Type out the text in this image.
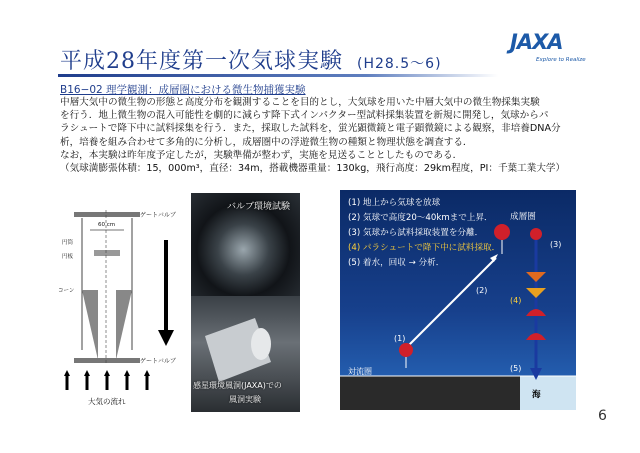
平成28年度第一次気球実験 (H28.5〜6)
JAXA
Explore to Realize
B16−02 理学観測：成層圏における微生物捕獲実験
中層大気中の微生物の形態と高度分布を観測することを目的とし，大気球を用いた中層大気中の微生物採集実験
を行う．地上微生物の混入可能性を劇的に減らす降下式インパクター型試料採集装置を新規に開発し，気球からパ
ラシュートで降下中に試料採集を行う．また，採取した試料を，蛍光顕微鏡と電子顕微鏡による観察，非培養DNA分
析，培養を組み合わせて多角的に分析し，成層圏中の浮遊微生物の種類と物理状態を調査する．
なお，本実験は昨年度予定したが，実験準備が整わず，実施を見送ることとしたものである．
（気球満膨張体積：15，000m³，直径：34m，搭載機器重量：130kg，飛行高度：29km程度，PI：千葉工業大学）
ゲートバルブ
ゲートバルブ
60 cm
円筒
円板
コーン
大気の流れ
バルブ環境試験
感星環境風洞(JAXA)での
風洞実験
(1) 地上から気球を放球
(2) 気球で高度20〜40kmまで上昇．
(3) 気球から試料採取装置を分離．
(4) パラシュートで降下中に試料採取．
(5) 着水，回収 → 分析．
成層圏
対流圏
海
(1)
(2)
(3)
(4)
(5)
6
